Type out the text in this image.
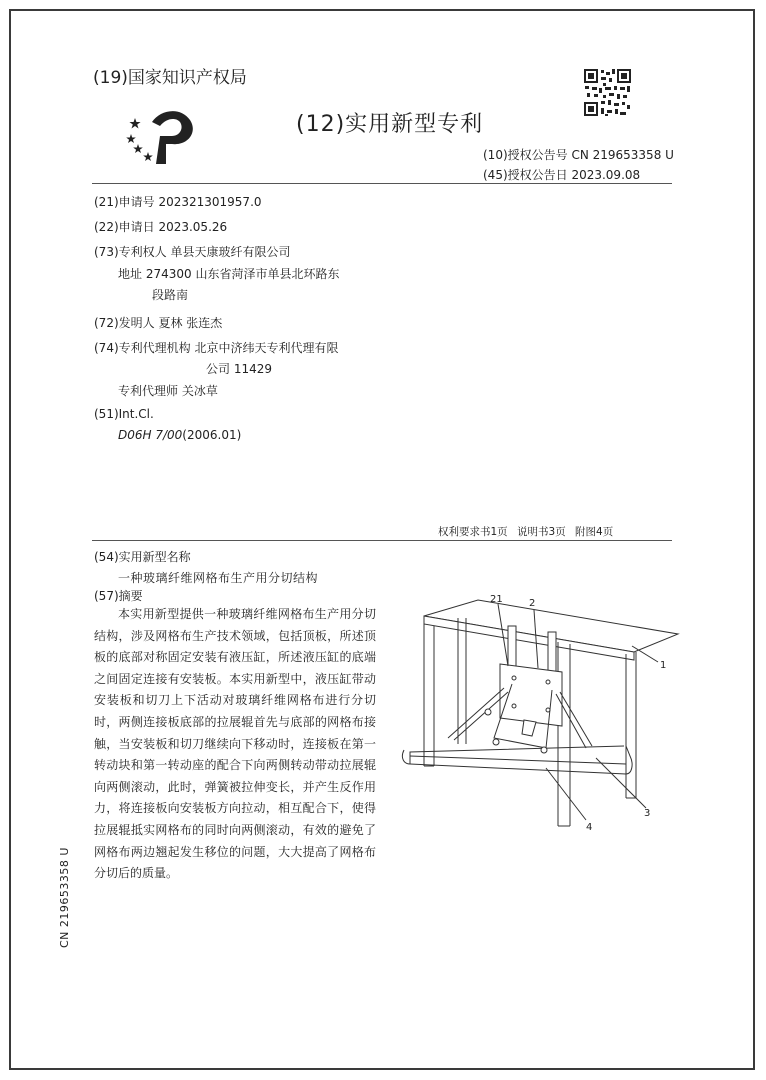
(19)国家知识产权局
(12)实用新型专利
(10)授权公告号 CN 219653358 U
(45)授权公告日 2023.09.08
(21)申请号 202321301957.0
(22)申请日 2023.05.26
(73)专利权人 单县天康玻纤有限公司
地址 274300 山东省菏泽市单县北环路东
段路南
(72)发明人 夏林 张连杰
(74)专利代理机构 北京中济纬天专利代理有限
公司 11429
专利代理师 关冰草
(51)Int.Cl.
D06H 7/00(2006.01)
权利要求书1页 说明书3页 附图4页
(54)实用新型名称
一种玻璃纤维网格布生产用分切结构
(57)摘要

本实用新型提供一种玻璃纤维网格布生产用分切结构，涉及网格布生产技术领域，包括顶板，所述顶板的底部对称固定安装有液压缸，所述液压缸的底端之间固定连接有安装板。本实用新型中，液压缸带动安装板和切刀上下活动对玻璃纤维网格布进行分切时，两侧连接板底部的拉展辊首先与底部的网格布接触，当安装板和切刀继续向下移动时，连接板在第一转动块和第一转动座的配合下向两侧转动带动拉展辊向两侧滚动，此时，弹簧被拉伸变长，并产生反作用力，将连接板向安装板方向拉动，相互配合下，使得拉展辊抵实网格布的同时向两侧滚动，有效的避免了网格布两边翘起发生移位的问题，大大提高了网格布分切后的质量。

21	2
1
3
4
CN 219653358 U
